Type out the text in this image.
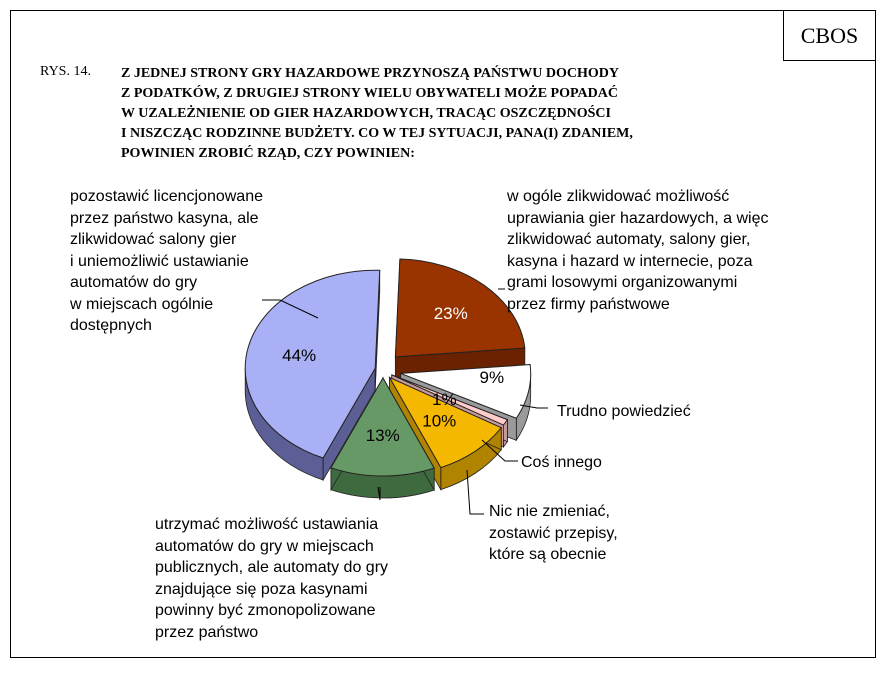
CBOS
RYS. 14. Z JEDNEJ STRONY GRY HAZARDOWE PRZYNOSZĄ PAŃSTWU DOCHODY
Z PODATKÓW, Z DRUGIEJ STRONY WIELU OBYWATELI MOŻE POPADAĆ
W UZALEŻNIENIE OD GIER HAZARDOWYCH, TRACĄC OSZCZĘDNOŚCI
I NISZCZĄC RODZINNE BUDŻETY. CO W TEJ SYTUACJI, PANA(I) ZDANIEM,
POWINIEN ZROBIĆ RZĄD, CZY POWINIEN:
23%
9%
1%
10%
13%
44%
pozostawić licencjonowane
przez państwo kasyna, ale
zlikwidować salony gier
i uniemożliwić ustawianie
automatów do gry
w miejscach ogólnie
dostępnych
w ogóle zlikwidować możliwość
uprawiania gier hazardowych, a więc
zlikwidować automaty, salony gier,
kasyna i hazard w internecie, poza
grami losowymi organizowanymi
przez firmy państwowe
Trudno powiedzieć
Coś innego
Nic nie zmieniać,
zostawić przepisy,
które są obecnie
utrzymać możliwość ustawiania
automatów do gry w miejscach
publicznych, ale automaty do gry
znajdujące się poza kasynami
powinny być zmonopolizowane
przez państwo
